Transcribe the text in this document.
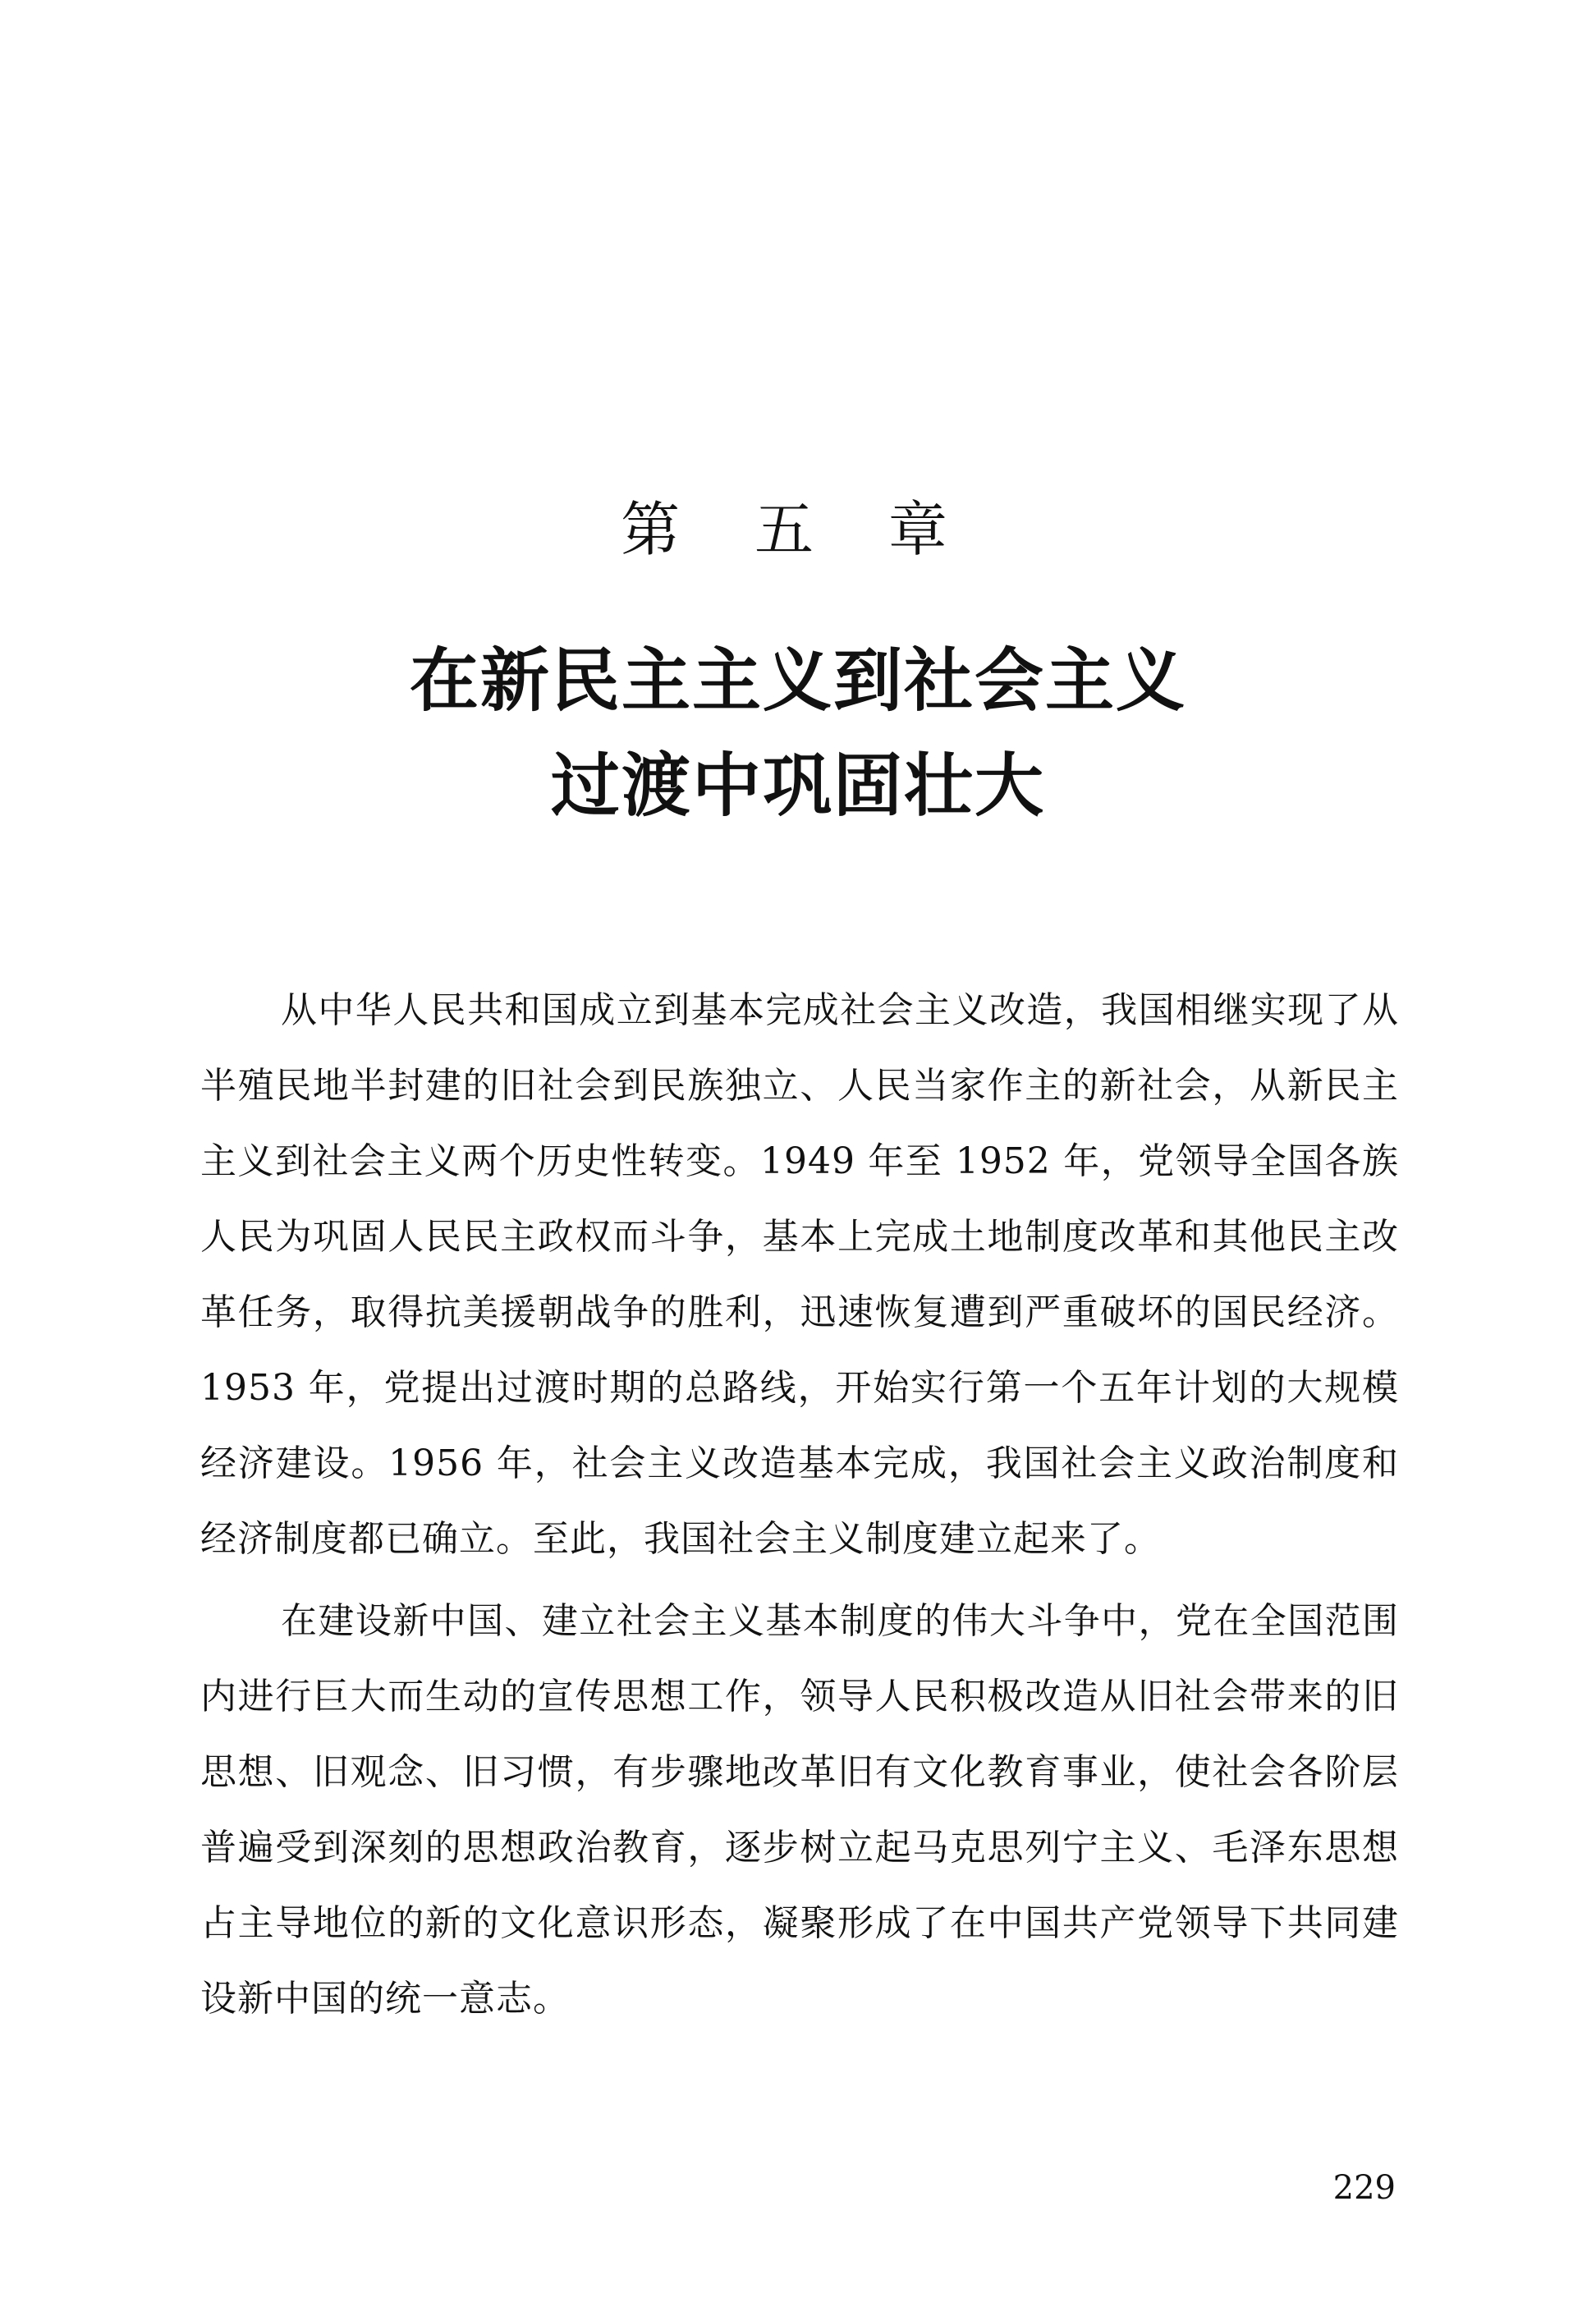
第 五 章
在新民主主义到社会主义
过渡中巩固壮大

从中华人民共和国成立到基本完成社会主义改造，我国相继实现了从半殖民地半封建的旧社会到民族独立、人民当家作主的新社会，从新民主主义到社会主义两个历史性转变。1949 年至 1952 年，党领导全国各族人民为巩固人民民主政权而斗争，基本上完成土地制度改革和其他民主改革任务，取得抗美援朝战争的胜利，迅速恢复遭到严重破坏的国民经济。1953 年，党提出过渡时期的总路线，开始实行第一个五年计划的大规模经济建设。1956 年，社会主义改造基本完成，我国社会主义政治制度和经济制度都已确立。至此，我国社会主义制度建立起来了。

在建设新中国、建立社会主义基本制度的伟大斗争中，党在全国范围内进行巨大而生动的宣传思想工作，领导人民积极改造从旧社会带来的旧思想、旧观念、旧习惯，有步骤地改革旧有文化教育事业，使社会各阶层普遍受到深刻的思想政治教育，逐步树立起马克思列宁主义、毛泽东思想占主导地位的新的文化意识形态，凝聚形成了在中国共产党领导下共同建设新中国的统一意志。

229
